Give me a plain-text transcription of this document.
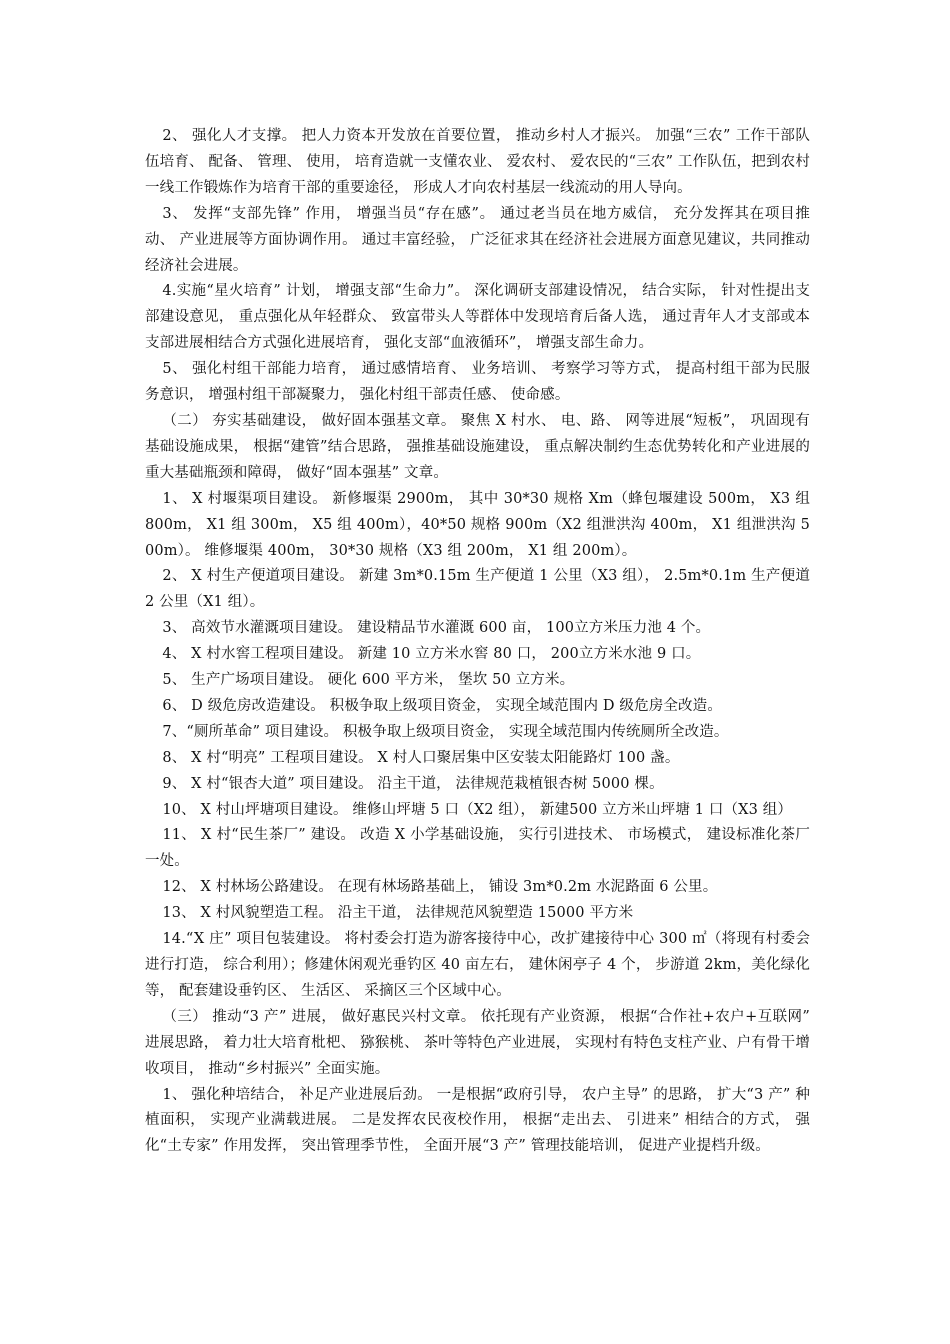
2、 强化人才支撑。 把人力资本开发放在首要位置， 推动乡村人才振兴。 加强“三农” 工作干部队伍培育、 配备、 管理、 使用， 培育造就一支懂农业、 爱农村、 爱农民的“三农” 工作队伍，把到农村一线工作锻炼作为培育干部的重要途径， 形成人才向农村基层一线流动的用人导向。

3、 发挥“支部先锋” 作用， 增强当员“存在感”。 通过老当员在地方威信， 充分发挥其在项目推动、 产业进展等方面协调作用。 通过丰富经验， 广泛征求其在经济社会进展方面意见建议，共同推动经济社会进展。

4.实施“星火培育” 计划， 增强支部“生命力”。 深化调研支部建设情况， 结合实际， 针对性提出支部建设意见， 重点强化从年轻群众、 致富带头人等群体中发现培育后备人选， 通过青年人才支部或本支部进展相结合方式强化进展培育， 强化支部“血液循环”， 增强支部生命力。

5、 强化村组干部能力培育， 通过感情培育、 业务培训、 考察学习等方式， 提高村组干部为民服务意识， 增强村组干部凝聚力， 强化村组干部责任感、 使命感。

（二） 夯实基础建设， 做好固本强基文章。 聚焦 X 村水、 电、路、 网等进展“短板”， 巩固现有基础设施成果， 根据“建管”结合思路， 强推基础设施建设， 重点解决制约生态优势转化和产业进展的重大基础瓶颈和障碍， 做好“固本强基” 文章。

1、 X 村堰渠项目建设。 新修堰渠 2900m， 其中 30*30 规格 Xm（蜂包堰建设 500m， X3 组 800m， X1 组 300m， X5 组 400m），40*50 规格 900m（X2 组泄洪沟 400m， X1 组泄洪沟 500m）。 维修堰渠 400m， 30*30 规格（X3 组 200m， X1 组 200m）。

2、 X 村生产便道项目建设。 新建 3m*0.15m 生产便道 1 公里（X3 组）， 2.5m*0.1m 生产便道 2 公里（X1 组）。

3、 高效节水灌溉项目建设。 建设精品节水灌溉 600 亩， 100立方米压力池 4 个。

4、 X 村水窖工程项目建设。 新建 10 立方米水窖 80 口， 200立方米水池 9 口。

5、 生产广场项目建设。 硬化 600 平方米， 堡坎 50 立方米。

6、 D 级危房改造建设。 积极争取上级项目资金， 实现全域范围内 D 级危房全改造。

7、“厕所革命” 项目建设。 积极争取上级项目资金， 实现全域范围内传统厕所全改造。

8、 X 村“明亮” 工程项目建设。 X 村人口聚居集中区安装太阳能路灯 100 盏。

9、 X 村“银杏大道” 项目建设。 沿主干道， 法律规范栽植银杏树 5000 棵。

10、 X 村山坪塘项目建设。 维修山坪塘 5 口（X2 组）， 新建500 立方米山坪塘 1 口（X3 组）

11、 X 村“民生茶厂” 建设。 改造 X 小学基础设施， 实行引进技术、 市场模式， 建设标准化茶厂一处。

12、 X 村林场公路建设。 在现有林场路基础上， 铺设 3m*0.2m 水泥路面 6 公里。

13、 X 村风貌塑造工程。 沿主干道， 法律规范风貌塑造 15000 平方米

14.“X 庄” 项目包装建设。 将村委会打造为游客接待中心，改扩建接待中心 300 ㎡（将现有村委会进行打造， 综合利用）；修建休闲观光垂钓区 40 亩左右， 建休闲亭子 4 个， 步游道 2km，美化绿化等， 配套建设垂钓区、 生活区、 采摘区三个区域中心。

（三） 推动“3 产” 进展， 做好惠民兴村文章。 依托现有产业资源， 根据“合作社+农户+互联网” 进展思路， 着力壮大培育枇杷、 猕猴桃、 茶叶等特色产业进展， 实现村有特色支柱产业、户有骨干增收项目， 推动“乡村振兴” 全面实施。

1、 强化种培结合， 补足产业进展后劲。 一是根据“政府引导， 农户主导” 的思路， 扩大“3 产” 种植面积， 实现产业满载进展。 二是发挥农民夜校作用， 根据“走出去、 引进来” 相结合的方式， 强化“土专家” 作用发挥， 突出管理季节性， 全面开展“3 产” 管理技能培训， 促进产业提档升级。
